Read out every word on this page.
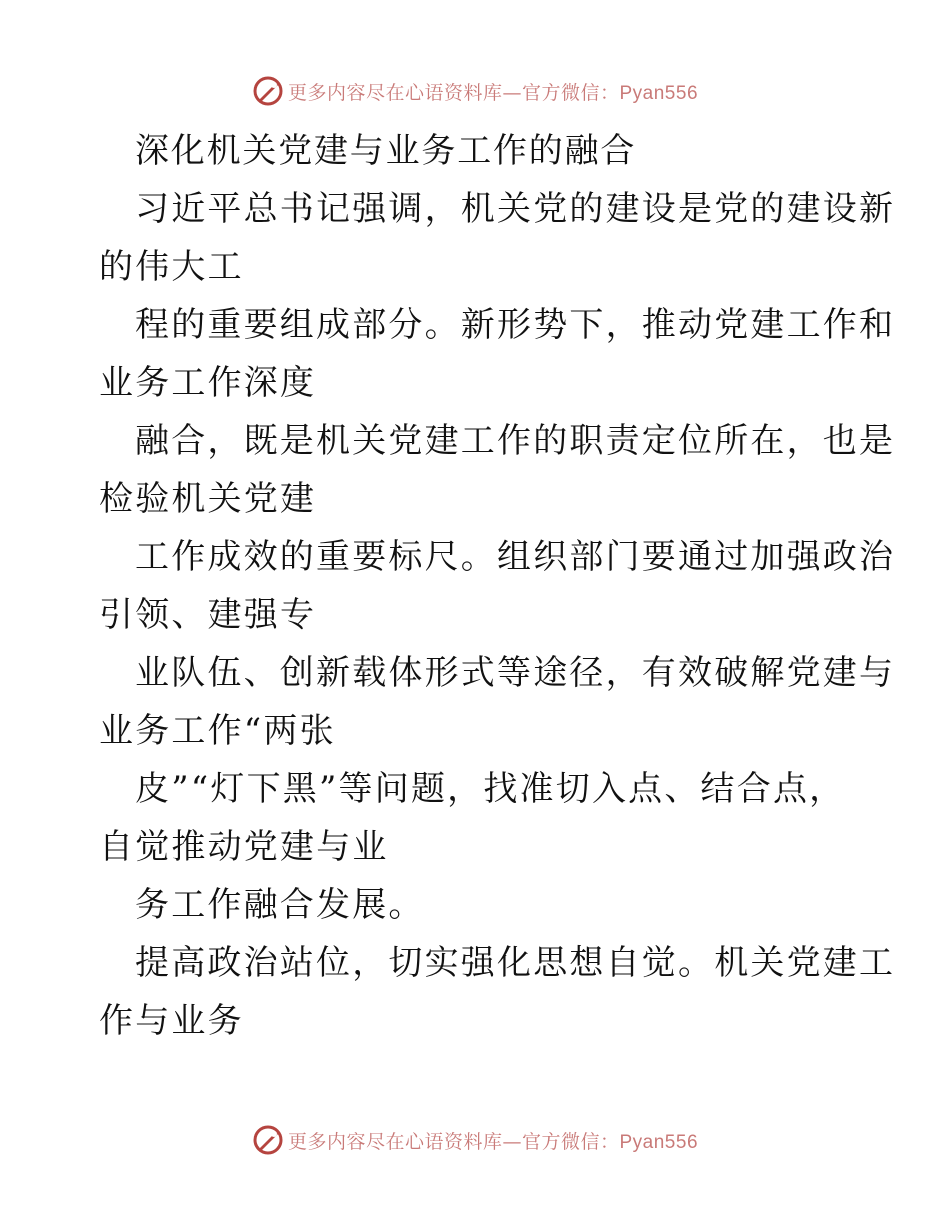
更多内容尽在心语资料库—官方微信：Pyan556
深化机关党建与业务工作的融合
习近平总书记强调，机关党的建设是党的建设新
的伟大工
程的重要组成部分。新形势下，推动党建工作和
业务工作深度
融合，既是机关党建工作的职责定位所在，也是
检验机关党建
工作成效的重要标尺。组织部门要通过加强政治
引领、建强专
业队伍、创新载体形式等途径，有效破解党建与
业务工作“两张
皮”“灯下黑”等问题，找准切入点、结合点，
自觉推动党建与业
务工作融合发展。
提高政治站位，切实强化思想自觉。机关党建工
作与业务
更多内容尽在心语资料库—官方微信：Pyan556
